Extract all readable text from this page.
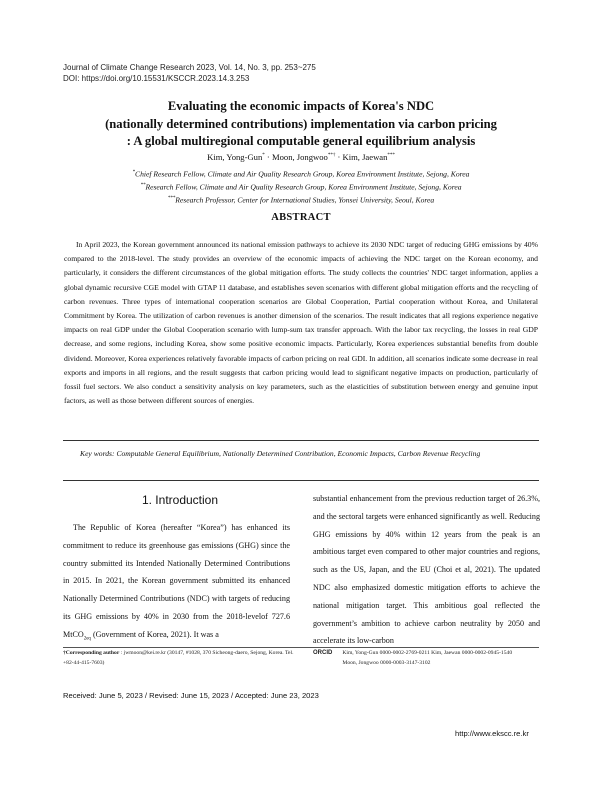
Journal of Climate Change Research 2023, Vol. 14, No. 3, pp. 253~275
DOI: https://doi.org/10.15531/KSCCR.2023.14.3.253
Evaluating the economic impacts of Korea's NDC
(nationally determined contributions) implementation via carbon pricing
: A global multiregional computable general equilibrium analysis
Kim, Yong-Gun* · Moon, Jongwoo**† · Kim, Jaewan***
*Chief Research Fellow, Climate and Air Quality Research Group, Korea Environment Institute, Sejong, Korea
**Research Fellow, Climate and Air Quality Research Group, Korea Environment Institute, Sejong, Korea
***Research Professor, Center for International Studies, Yonsei University, Seoul, Korea
ABSTRACT
In April 2023, the Korean government announced its national emission pathways to achieve its 2030 NDC target of reducing GHG emissions by 40% compared to the 2018-level. The study provides an overview of the economic impacts of achieving the NDC target on the Korean economy, and particularly, it considers the different circumstances of the global mitigation efforts. The study collects the countries' NDC target information, applies a global dynamic recursive CGE model with GTAP 11 database, and establishes seven scenarios with different global mitigation efforts and the recycling of carbon revenues. Three types of international cooperation scenarios are Global Cooperation, Partial cooperation without Korea, and Unilateral Commitment by Korea. The utilization of carbon revenues is another dimension of the scenarios. The result indicates that all regions experience negative impacts on real GDP under the Global Cooperation scenario with lump-sum tax transfer approach. With the labor tax recycling, the losses in real GDP decrease, and some regions, including Korea, show some positive economic impacts. Particularly, Korea experiences substantial benefits from double dividend. Moreover, Korea experiences relatively favorable impacts of carbon pricing on real GDI. In addition, all scenarios indicate some decrease in real exports and imports in all regions, and the result suggests that carbon pricing would lead to significant negative impacts on production, particularly of fossil fuel sectors. We also conduct a sensitivity analysis on key parameters, such as the elasticities of substitution between energy and genuine input factors, as well as those between different sources of energies.
Key words: Computable General Equilibrium, Nationally Determined Contribution, Economic Impacts, Carbon Revenue Recycling
1. Introduction
The Republic of Korea (hereafter “Korea”) has enhanced its commitment to reduce its greenhouse gas emissions (GHG) since the country submitted its Intended Nationally Determined Contributions in 2015. In 2021, the Korean government submitted its enhanced Nationally Determined Contributions (NDC) with targets of reducing its GHG emissions by 40% in 2030 from the 2018-levelof 727.6 MtCO$_{2eq}$ (Government of Korea, 2021). It was a
substantial enhancement from the previous reduction target of 26.3%, and the sectoral targets were enhanced significantly as well. Reducing GHG emissions by 40% within 12 years from the peak is an ambitious target even compared to other major countries and regions, such as the US, Japan, and the EU (Choi et al, 2021). The updated NDC also emphasized domestic mitigation efforts to achieve the national mitigation target. This ambitious goal reflected the government’s ambition to achieve carbon neutrality by 2050 and accelerate its low-carbon
†Corresponding author : jwmoon@kei.re.kr (30147, #1028, 370 Sicheong-daero, Sejong, Korea. Tel. +82-44-415-7603)
ORCID Kim, Yong-Gun 0000-0002-2769-0211 Kim, Jaewan 0000-0002-0945-1540
Moon, Jongwoo 0000-0003-3147-3102
Received: June 5, 2023 / Revised: June 15, 2023 / Accepted: June 23, 2023
http://www.ekscc.re.kr
